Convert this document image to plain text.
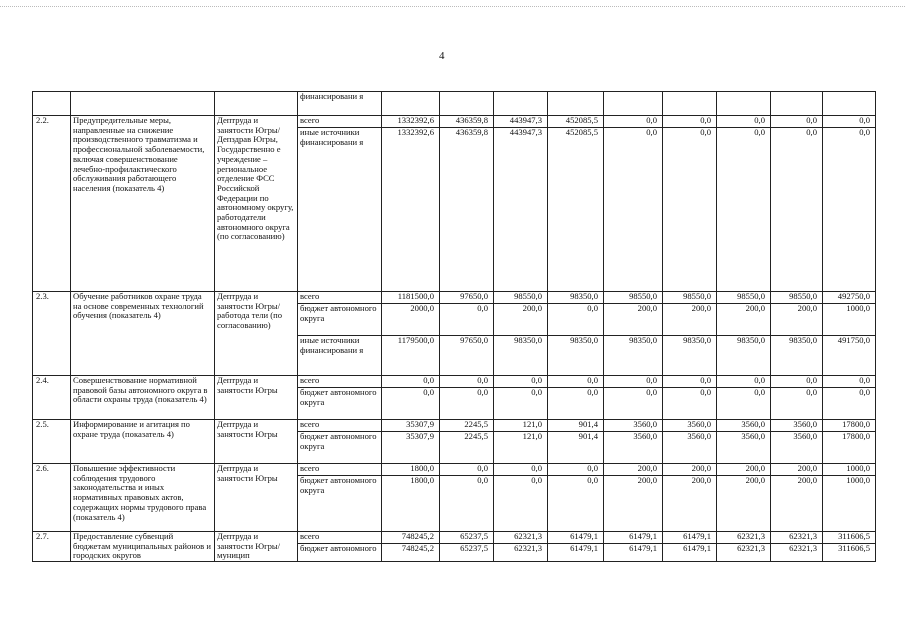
4
			финансировани я									
2.2.	Предупредительные меры, направленные на снижение производственного травматизма и профессиональной заболеваемости, включая совершенствование лечебно-профилактического обслуживания работающего населения (показатель 4)	Дептруда и занятости Югры/Депздрав Югры, Государственно е учреждение – региональное отделение ФСС Российской Федерации по автономному округу, работодатели автономного округа (по согласованию)	всего	1332392,6	436359,8	443947,3	452085,5	0,0	0,0	0,0	0,0	0,0
			иные источники финансировани я	1332392,6	436359,8	443947,3	452085,5	0,0	0,0	0,0	0,0	0,0
2.3.	Обучение работников охране труда на основе современных технологий обучения (показатель 4)	Дептруда и занятости Югры/работода тели (по согласованию)	всего	1181500,0	97650,0	98550,0	98350,0	98550,0	98550,0	98550,0	98550,0	492750,0
			бюджет автономного округа	2000,0	0,0	200,0	0,0	200,0	200,0	200,0	200,0	1000,0
			иные источники финансировани я	1179500,0	97650,0	98350,0	98350,0	98350,0	98350,0	98350,0	98350,0	491750,0
2.4.	Совершенствование нормативной правовой базы автономного округа в области охраны труда (показатель 4)	Дептруда и занятости Югры	всего	0,0	0,0	0,0	0,0	0,0	0,0	0,0	0,0	0,0
			бюджет автономного округа	0,0	0,0	0,0	0,0	0,0	0,0	0,0	0,0	0,0
2.5.	Информирование и агитация по охране труда (показатель 4)	Дептруда и занятости Югры	всего	35307,9	2245,5	121,0	901,4	3560,0	3560,0	3560,0	3560,0	17800,0
			бюджет автономного округа	35307,9	2245,5	121,0	901,4	3560,0	3560,0	3560,0	3560,0	17800,0
2.6.	Повышение эффективности соблюдения трудового законодательства и иных нормативных правовых актов, содержащих нормы трудового права (показатель 4)	Дептруда и занятости Югры	всего	1800,0	0,0	0,0	0,0	200,0	200,0	200,0	200,0	1000,0
			бюджет автономного округа	1800,0	0,0	0,0	0,0	200,0	200,0	200,0	200,0	1000,0
2.7.	Предоставление субвенций бюджетам муниципальных районов и городских округов	Дептруда и занятости Югры/муницип	всего	748245,2	65237,5	62321,3	61479,1	61479,1	61479,1	62321,3	62321,3	311606,5
			бюджет автономного	748245,2	65237,5	62321,3	61479,1	61479,1	61479,1	62321,3	62321,3	311606,5
